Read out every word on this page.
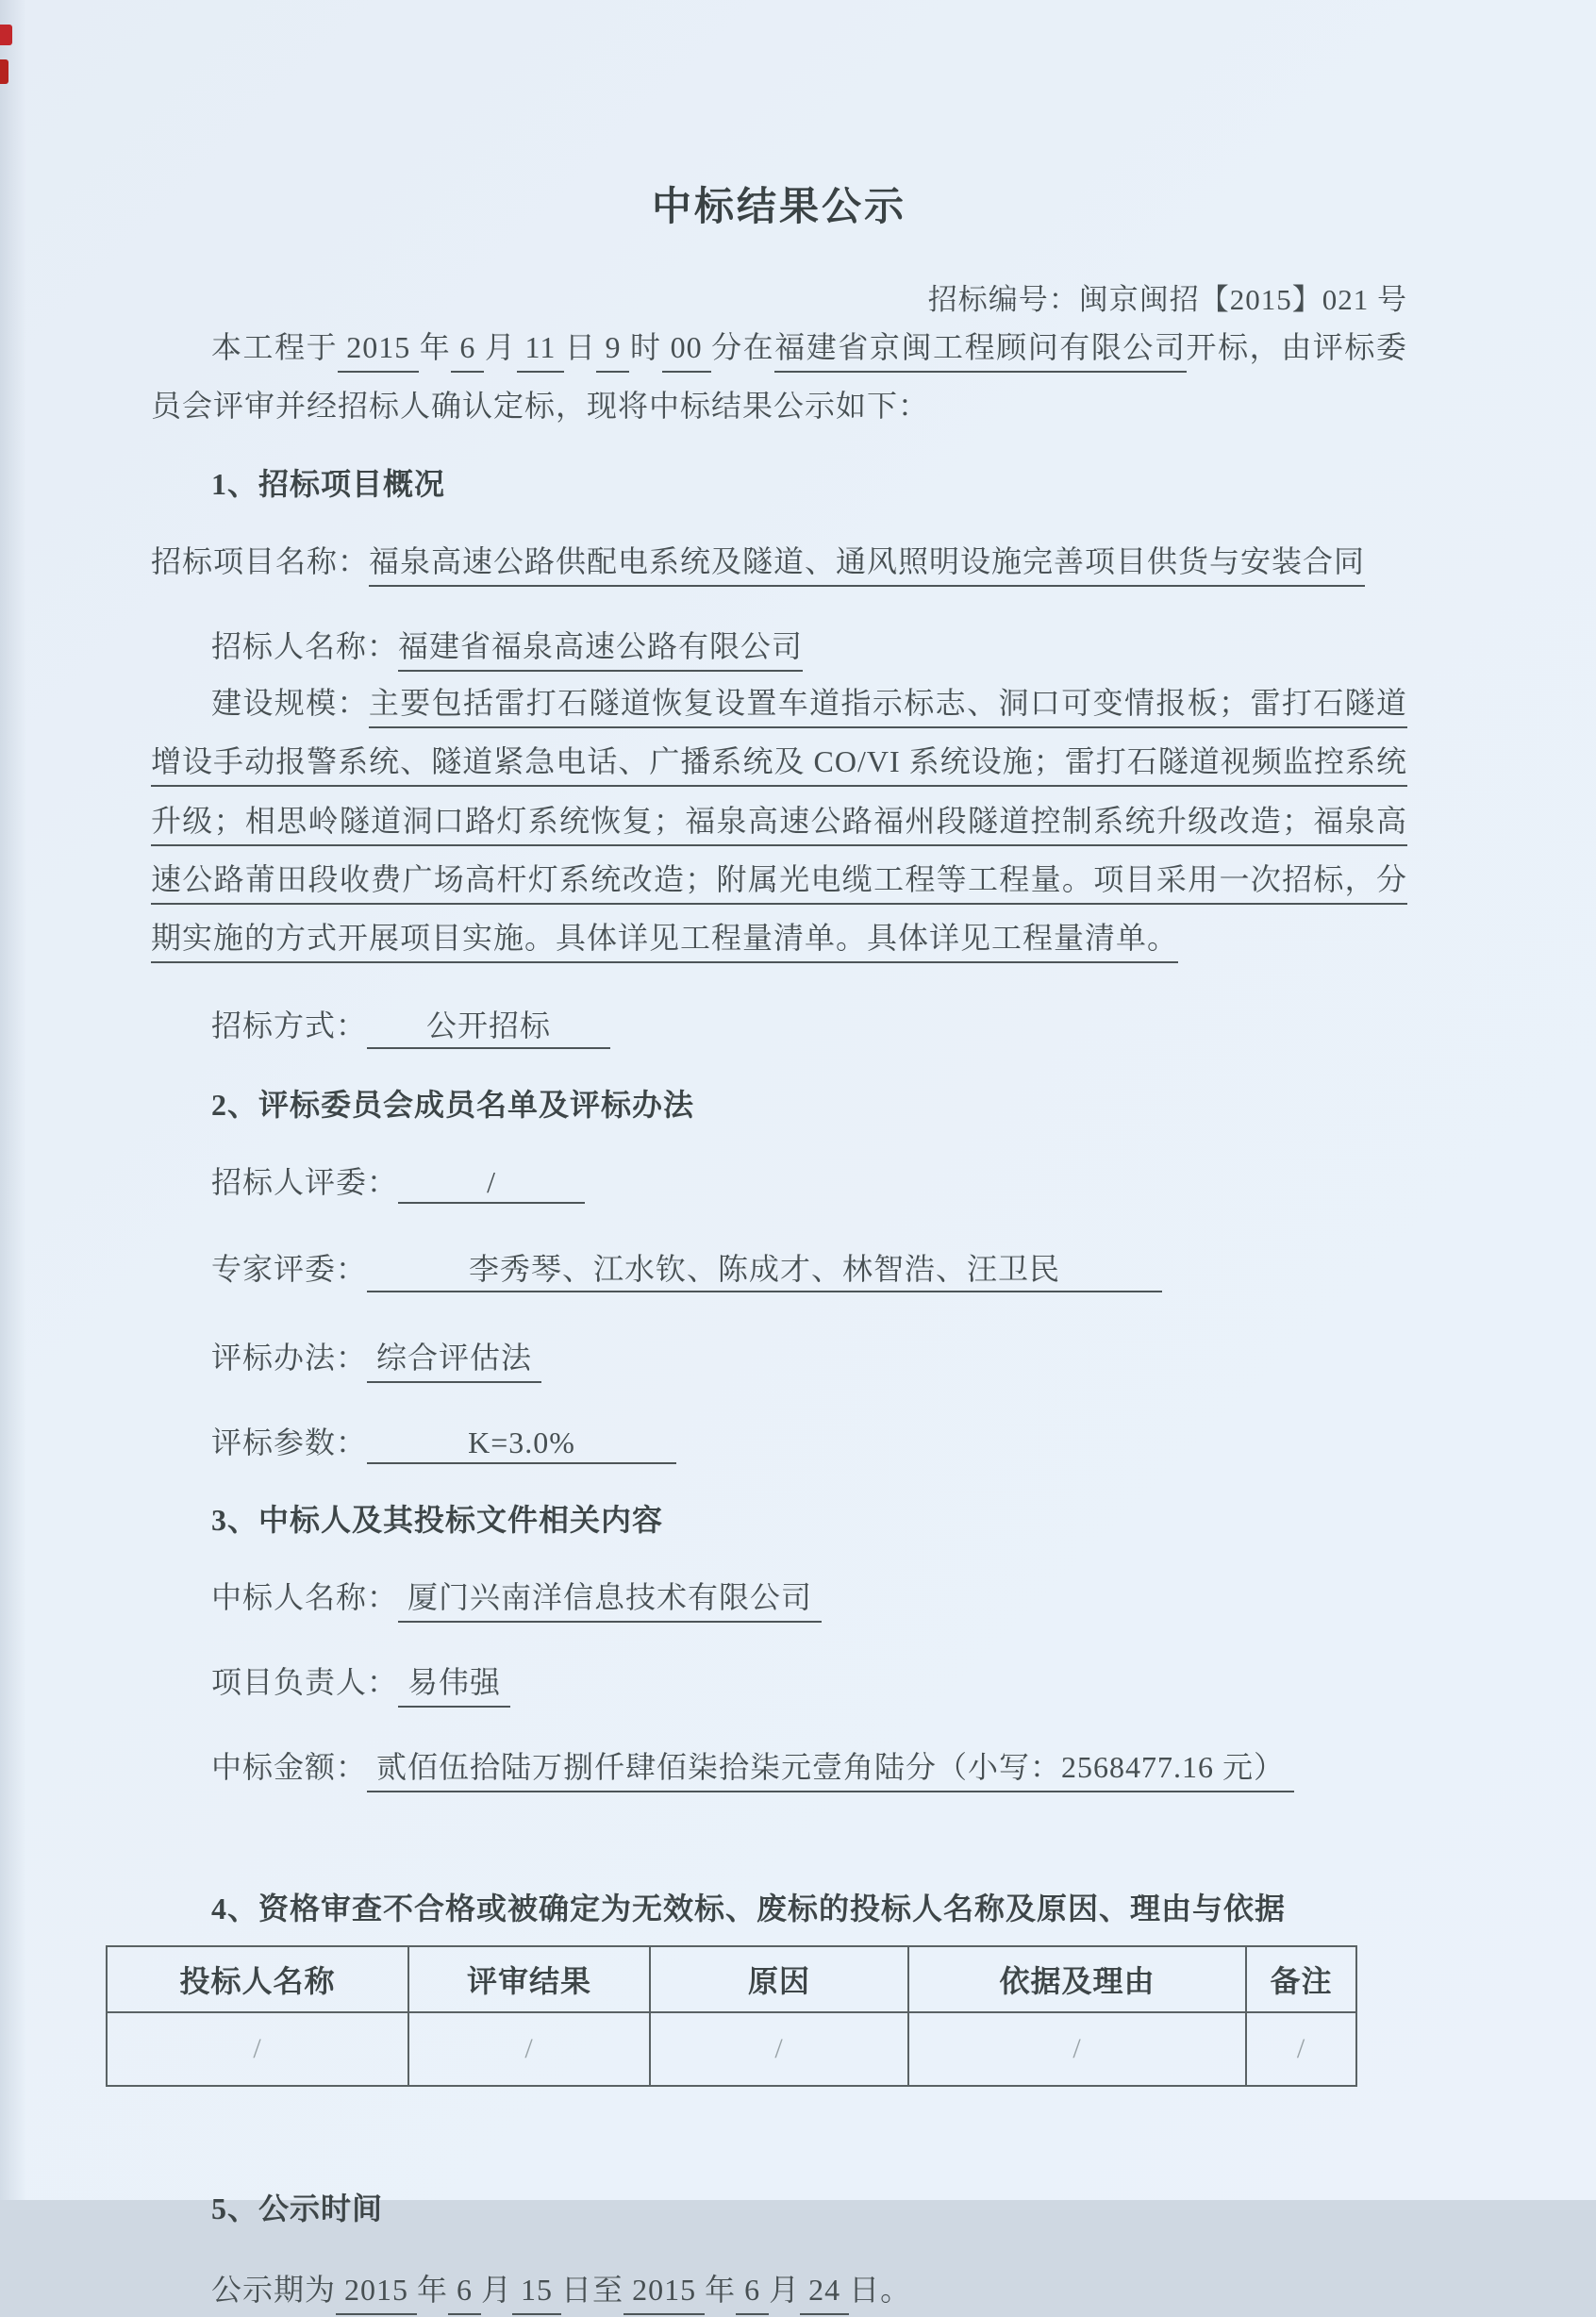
中标结果公示
招标编号：闽京闽招【2015】021 号

本工程于 2015 年 6 月 11 日 9 时 00 分在福建省京闽工程顾问有限公司开标，由评标委员会评审并经招标人确认定标，现将中标结果公示如下：

1、招标项目概况
招标项目名称：福泉高速公路供配电系统及隧道、通风照明设施完善项目供货与安装合同
招标人名称：福建省福泉高速公路有限公司

建设规模：主要包括雷打石隧道恢复设置车道指示标志、洞口可变情报板；雷打石隧道增设手动报警系统、隧道紧急电话、广播系统及 CO/VI 系统设施；雷打石隧道视频监控系统升级；相思岭隧道洞口路灯系统恢复；福泉高速公路福州段隧道控制系统升级改造；福泉高速公路莆田段收费广场高杆灯系统改造；附属光电缆工程等工程量。项目采用一次招标，分期实施的方式开展项目实施。具体详见工程量清单。具体详见工程量清单。

招标方式： 公开招标
2、评标委员会成员名单及评标办法
招标人评委：	/
专家评委：	李秀琴、江水钦、陈成才、林智浩、汪卫民
评标办法： 综合评估法
评标参数：	K=3.0%
3、中标人及其投标文件相关内容
中标人名称： 厦门兴南洋信息技术有限公司
项目负责人： 易伟强
中标金额： 贰佰伍拾陆万捌仟肆佰柒拾柒元壹角陆分（小写：2568477.16 元）
4、资格审查不合格或被确定为无效标、废标的投标人名称及原因、理由与依据
投标人名称	评审结果	原因	依据及理由	备注
/	/	/	/	/
5、公示时间
公示期为 2015 年 6 月 15 日至 2015 年 6 月 24 日。
